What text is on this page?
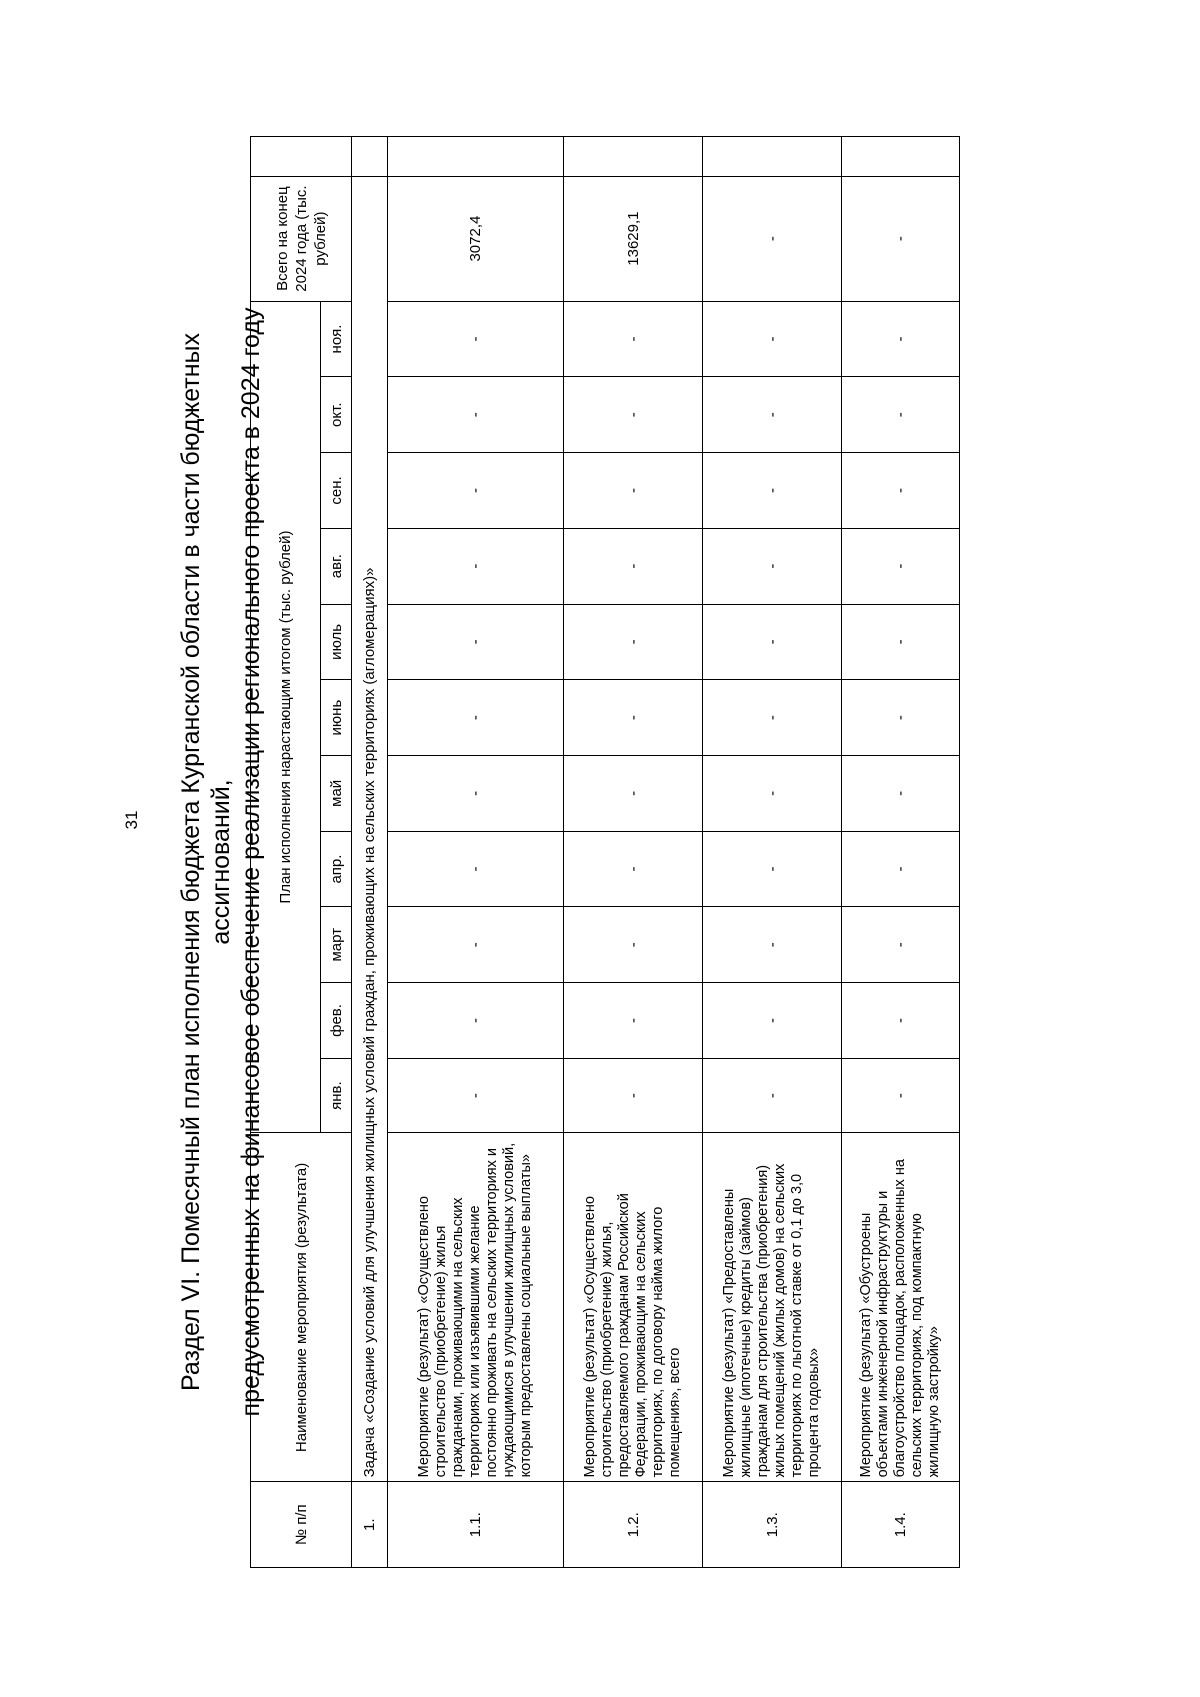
31	Раздел VI. Помесячный план исполнения бюджета Курганской области в части бюджетных ассигнований, предусмотренных на финансовое обеспечение реализации регионального проекта в 2024 году
№ п/п	Наименование мероприятия (результата)	План исполнения нарастающим итогом (тыс. рублей)											Всего на конец 2024 года (тыс. рублей)	
		янв.	фев.	март	апр.	май	июнь	июль	авг.	сен.	окт.	ноя.		
1.	Задача «Создание условий для улучшения жилищных условий граждан, проживающих на сельских территориях (агломерациях)»													
1.1.	Мероприятие (результат) «Осуществлено строительство (приобретение) жилья гражданами, проживающими на сельских территориях или изъявившими желание постоянно проживать на сельских территориях и нуждающимися в улучшении жилищных условий, которым предоставлены социальные выплаты»	-	-	-	-	-	-	-	-	-	-	-	3072,4	
1.2.	Мероприятие (результат) «Осуществлено строительство (приобретение) жилья, предоставляемого гражданам Российской Федерации, проживающим на сельских территориях, по договору найма жилого помещения», всего	-	-	-	-	-	-	-	-	-	-	-	13629,1	
1.3.	Мероприятие (результат) «Предоставлены жилищные (ипотечные) кредиты (займов) гражданам для строительства (приобретения) жилых помещений (жилых домов) на сельских территориях по льготной ставке от 0,1 до 3,0 процента годовых»	-	-	-	-	-	-	-	-	-	-	-	-	
1.4.	Мероприятие (результат) «Обустроены объектами инженерной инфраструктуры и благоустройство площадок, расположенных на сельских территориях, под компактную жилищную застройку»	-	-	-	-	-	-	-	-	-	-	-	-	
